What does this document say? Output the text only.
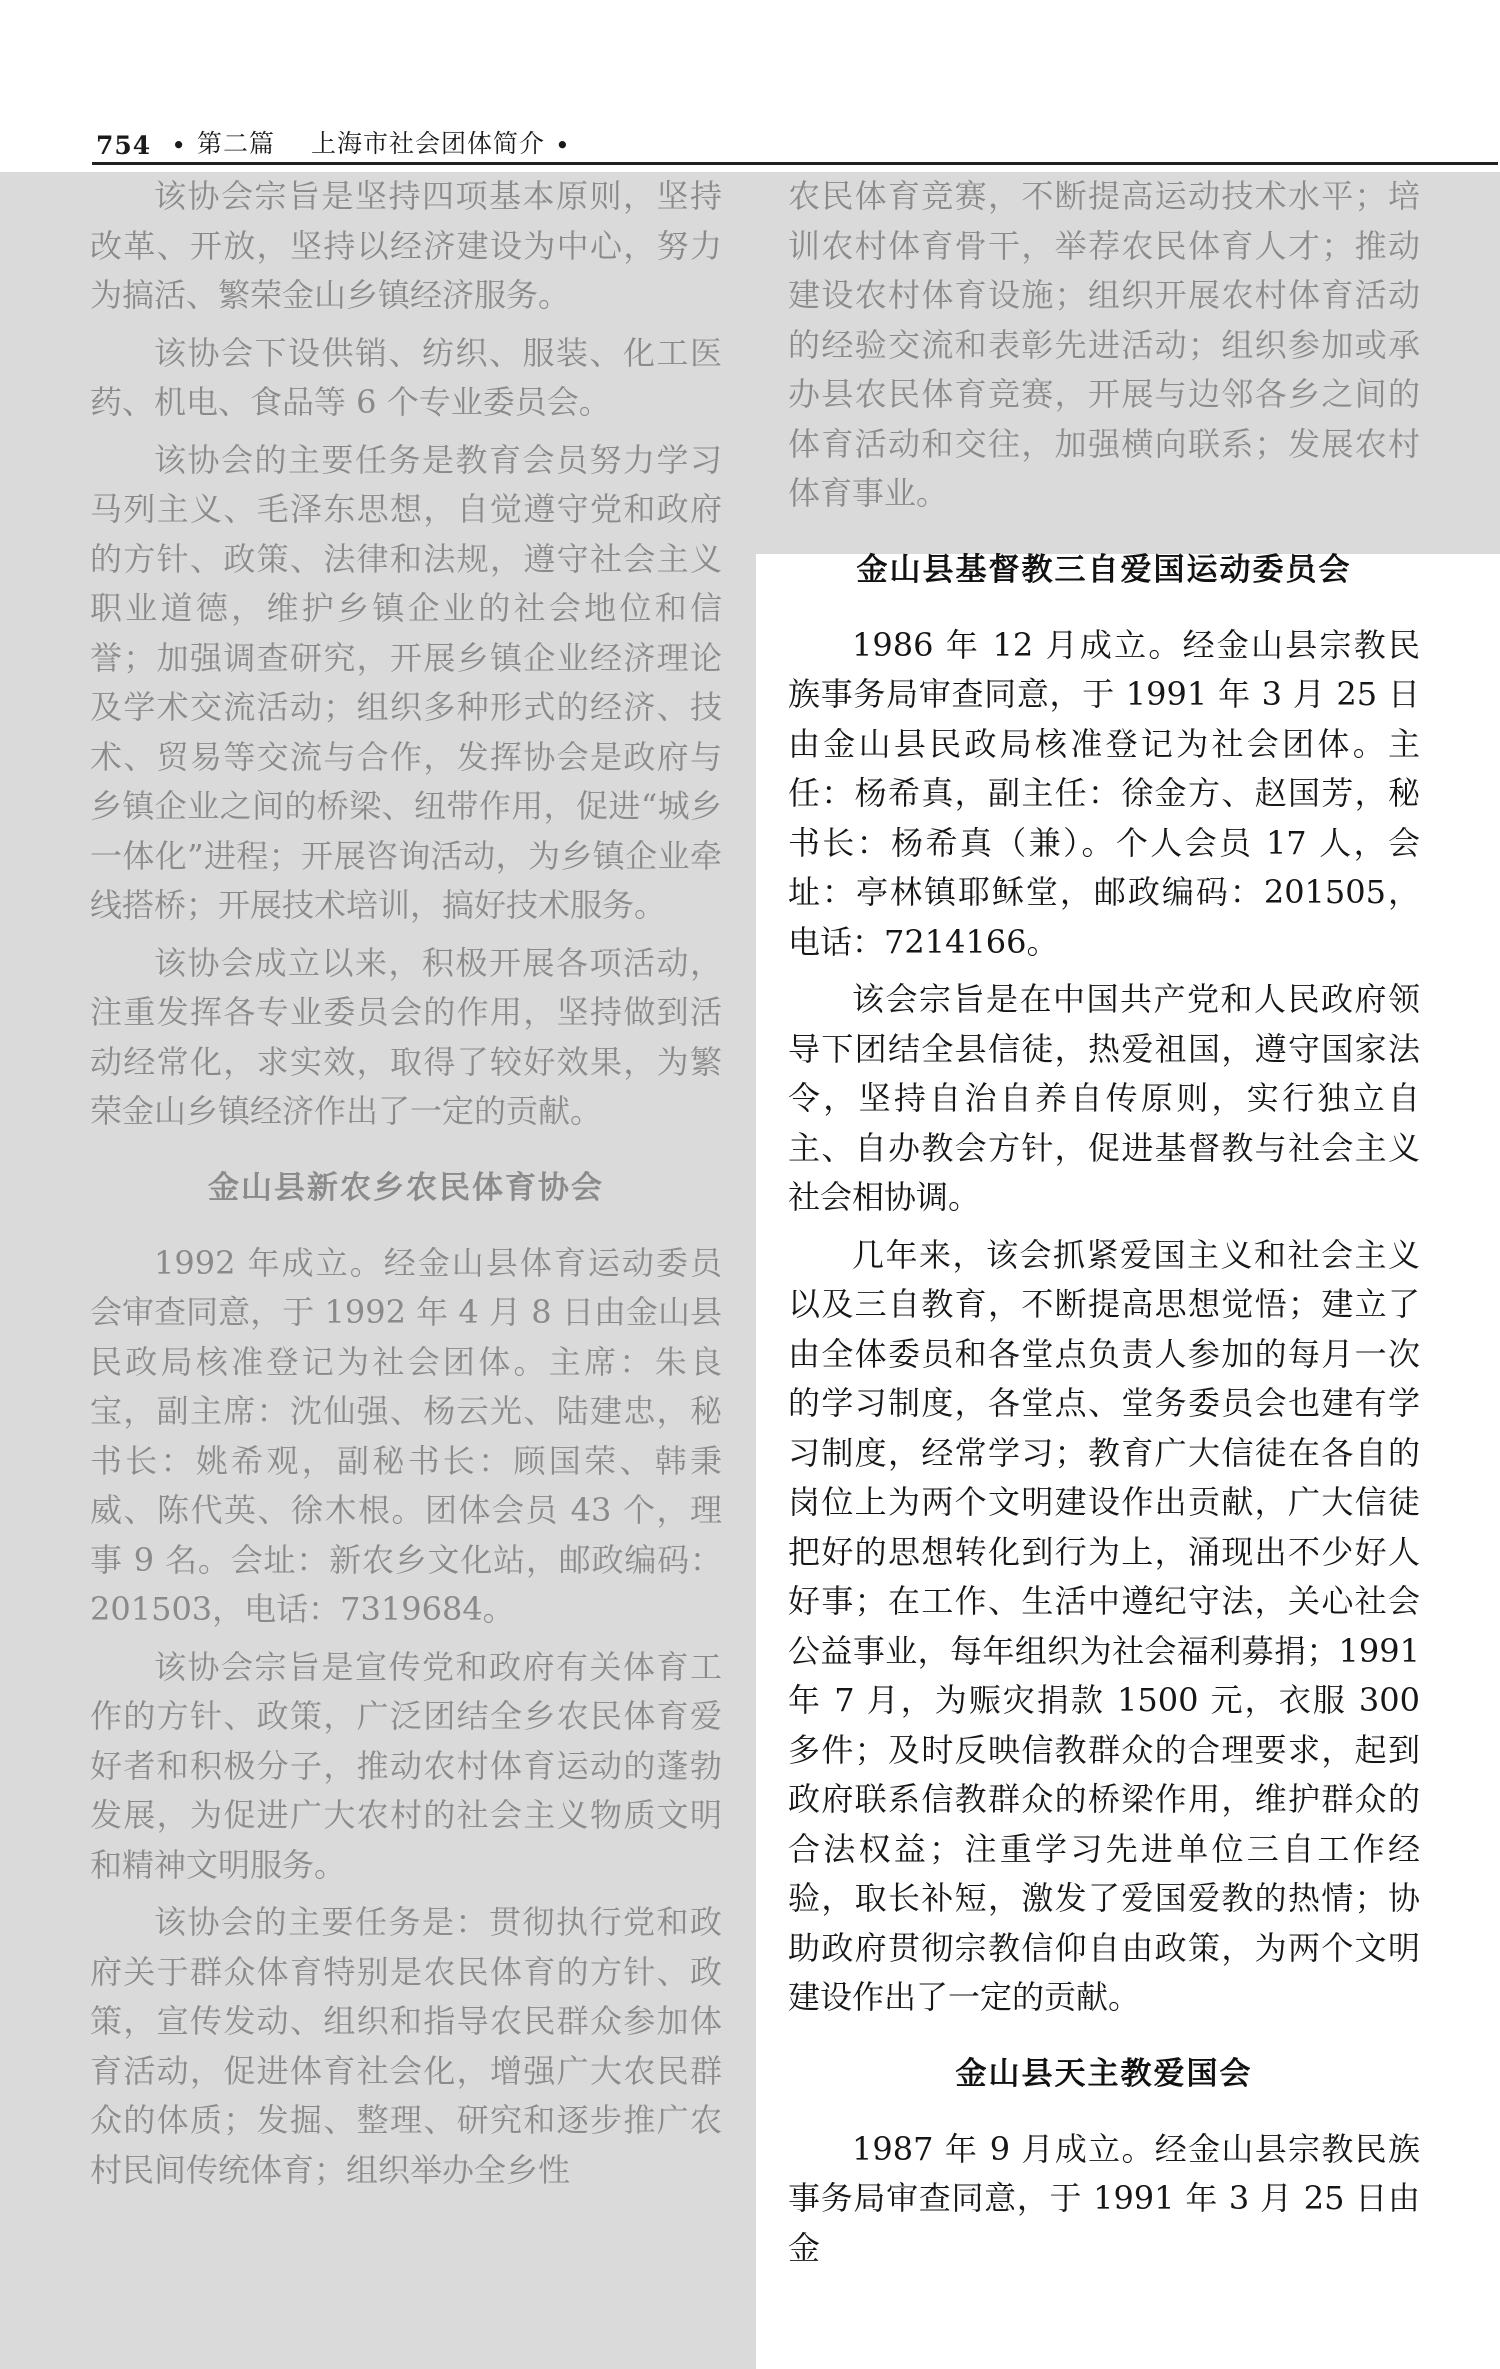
754 • 第二篇 上海市社会团体简介 •

该协会宗旨是坚持四项基本原则，坚持改革、开放，坚持以经济建设为中心，努力为搞活、繁荣金山乡镇经济服务。

该协会下设供销、纺织、服装、化工医药、机电、食品等 6 个专业委员会。

该协会的主要任务是教育会员努力学习马列主义、毛泽东思想，自觉遵守党和政府的方针、政策、法律和法规，遵守社会主义职业道德，维护乡镇企业的社会地位和信誉；加强调查研究，开展乡镇企业经济理论及学术交流活动；组织多种形式的经济、技术、贸易等交流与合作，发挥协会是政府与乡镇企业之间的桥梁、纽带作用，促进“城乡一体化”进程；开展咨询活动，为乡镇企业牵线搭桥；开展技术培训，搞好技术服务。

该协会成立以来，积极开展各项活动，注重发挥各专业委员会的作用，坚持做到活动经常化，求实效，取得了较好效果，为繁荣金山乡镇经济作出了一定的贡献。

金山县新农乡农民体育协会

1992 年成立。经金山县体育运动委员会审查同意，于 1992 年 4 月 8 日由金山县民政局核准登记为社会团体。主席：朱良宝，副主席：沈仙强、杨云光、陆建忠，秘书长：姚希观，副秘书长：顾国荣、韩秉威、陈代英、徐木根。团体会员 43 个，理事 9 名。会址：新农乡文化站，邮政编码：201503，电话：7319684。

该协会宗旨是宣传党和政府有关体育工作的方针、政策，广泛团结全乡农民体育爱好者和积极分子，推动农村体育运动的蓬勃发展，为促进广大农村的社会主义物质文明和精神文明服务。

该协会的主要任务是：贯彻执行党和政府关于群众体育特别是农民体育的方针、政策，宣传发动、组织和指导农民群众参加体育活动，促进体育社会化，增强广大农民群众的体质；发掘、整理、研究和逐步推广农村民间传统体育；组织举办全乡性

农民体育竞赛，不断提高运动技术水平；培训农村体育骨干，举荐农民体育人才；推动建设农村体育设施；组织开展农村体育活动的经验交流和表彰先进活动；组织参加或承办县农民体育竞赛，开展与边邻各乡之间的体育活动和交往，加强横向联系；发展农村体育事业。

金山县基督教三自爱国运动委员会

1986 年 12 月成立。经金山县宗教民族事务局审查同意，于 1991 年 3 月 25 日由金山县民政局核准登记为社会团体。主任：杨希真，副主任：徐金方、赵国芳，秘书长：杨希真（兼）。个人会员 17 人，会址：亭林镇耶稣堂，邮政编码：201505，电话：7214166。

该会宗旨是在中国共产党和人民政府领导下团结全县信徒，热爱祖国，遵守国家法令，坚持自治自养自传原则，实行独立自主、自办教会方针，促进基督教与社会主义社会相协调。

几年来，该会抓紧爱国主义和社会主义以及三自教育，不断提高思想觉悟；建立了由全体委员和各堂点负责人参加的每月一次的学习制度，各堂点、堂务委员会也建有学习制度，经常学习；教育广大信徒在各自的岗位上为两个文明建设作出贡献，广大信徒把好的思想转化到行为上，涌现出不少好人好事；在工作、生活中遵纪守法，关心社会公益事业，每年组织为社会福利募捐；1991 年 7 月，为赈灾捐款 1500 元，衣服 300 多件；及时反映信教群众的合理要求，起到政府联系信教群众的桥梁作用，维护群众的合法权益；注重学习先进单位三自工作经验，取长补短，激发了爱国爱教的热情；协助政府贯彻宗教信仰自由政策，为两个文明建设作出了一定的贡献。

金山县天主教爱国会

1987 年 9 月成立。经金山县宗教民族事务局审查同意，于 1991 年 3 月 25 日由金
